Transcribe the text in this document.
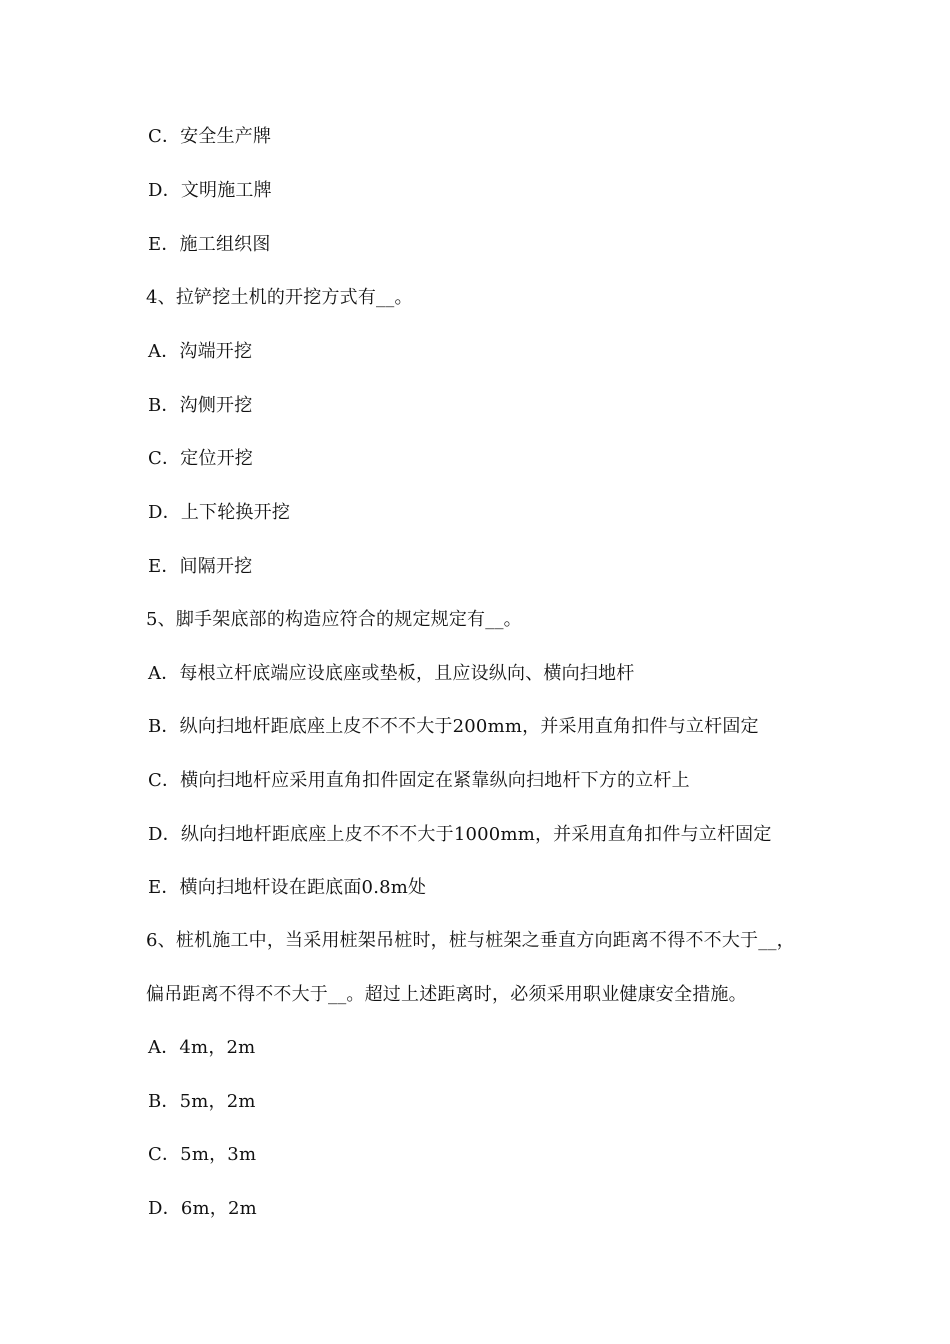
C．安全生产牌
D．文明施工牌
E．施工组织图
4、拉铲挖土机的开挖方式有__。
A．沟端开挖
B．沟侧开挖
C．定位开挖
D．上下轮换开挖
E．间隔开挖
5、脚手架底部的构造应符合的规定规定有__。
A．每根立杆底端应设底座或垫板，且应设纵向、横向扫地杆
B．纵向扫地杆距底座上皮不不不大于200mm，并采用直角扣件与立杆固定
C．横向扫地杆应采用直角扣件固定在紧靠纵向扫地杆下方的立杆上
D．纵向扫地杆距底座上皮不不不大于1000mm，并采用直角扣件与立杆固定
E．横向扫地杆设在距底面0.8m处
6、桩机施工中，当采用桩架吊桩时，桩与桩架之垂直方向距离不得不不大于__，
偏吊距离不得不不大于__。超过上述距离时，必须采用职业健康安全措施。
A．4m，2m
B．5m，2m
C．5m，3m
D．6m，2m
